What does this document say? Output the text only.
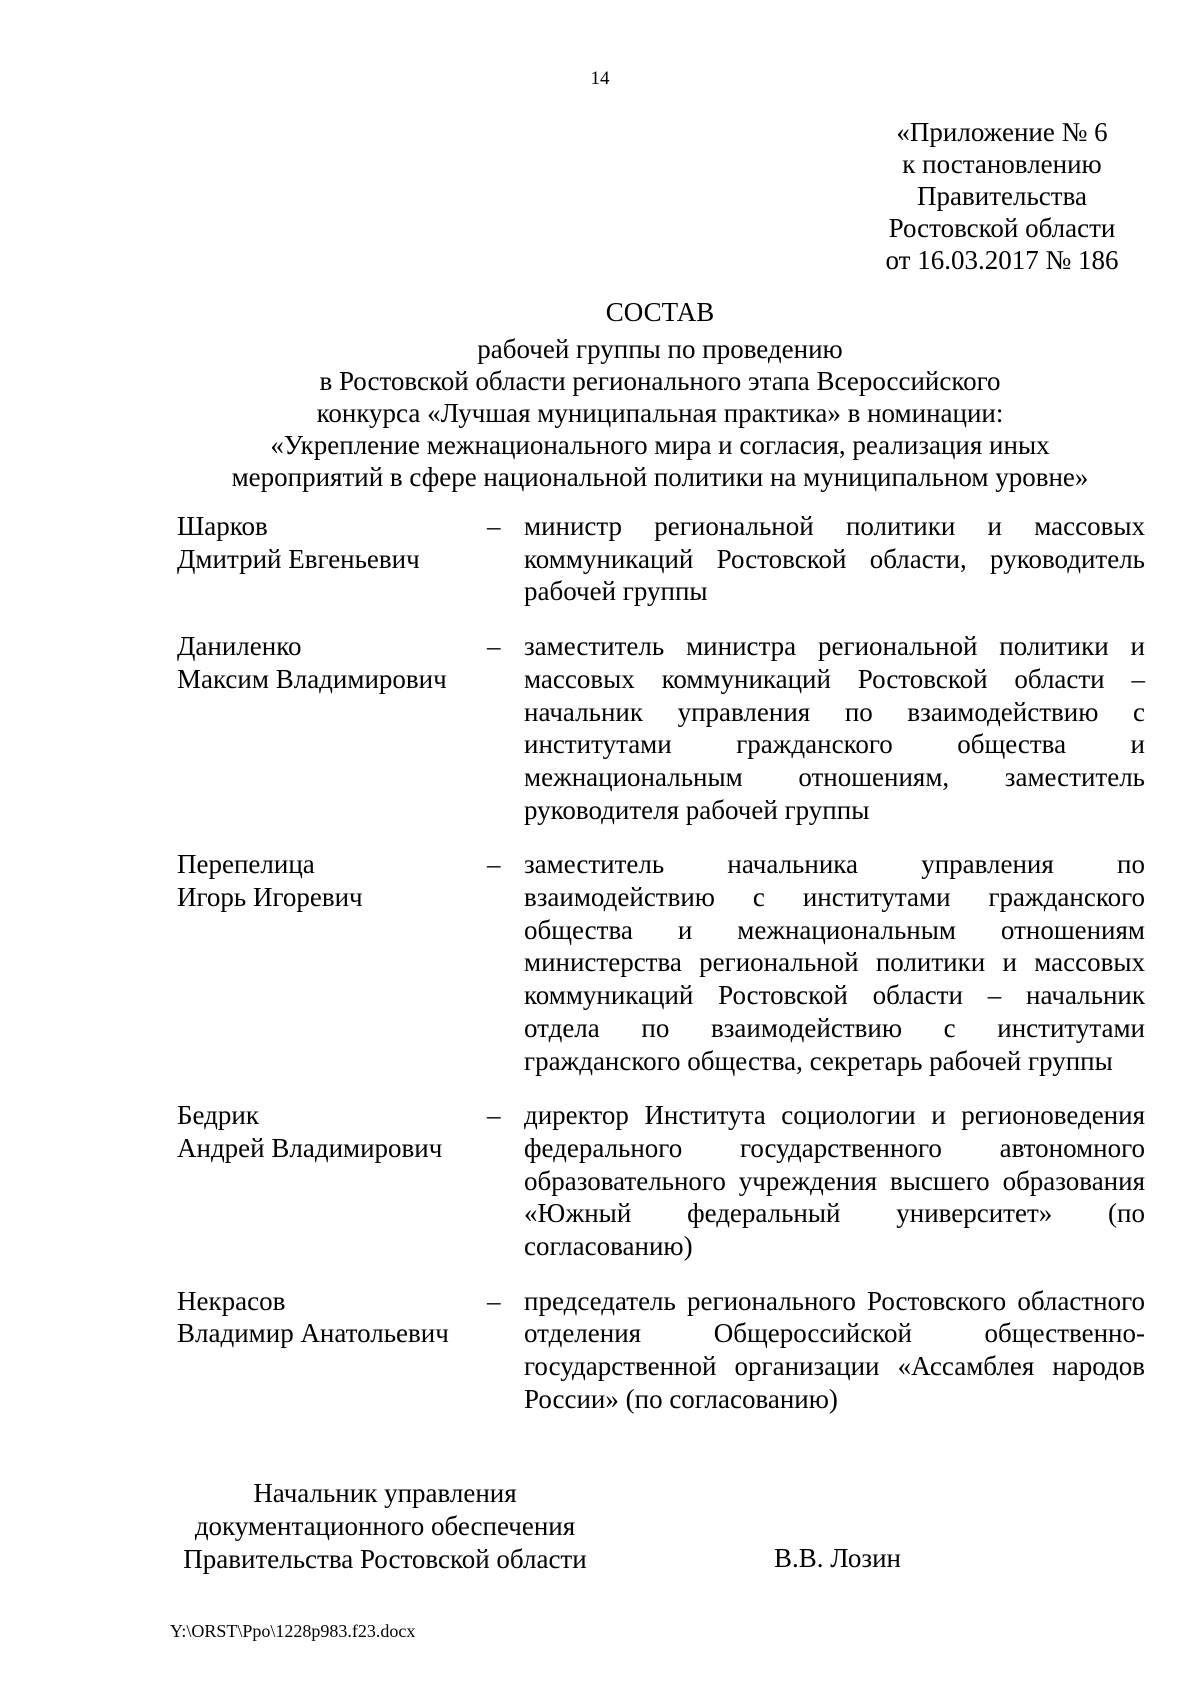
14
«Приложение № 6
к постановлению
Правительства
Ростовской области
от 16.03.2017 № 186
СОСТАВ
рабочей группы по проведению
в Ростовской области регионального этапа Всероссийского
конкурса «Лучшая муниципальная практика» в номинации:
«Укрепление межнационального мира и согласия, реализация иных
мероприятий в сфере национальной политики на муниципальном уровне»
Шарков
Дмитрий Евгеньевич
– министр региональной политики и массовых коммуникаций Ростовской области, руководитель рабочей группы
Даниленко
Максим Владимирович
– заместитель министра региональной политики и массовых коммуникаций Ростовской области – начальник управления по взаимодействию с институтами гражданского общества и межнациональным отношениям, заместитель руководителя рабочей группы
Перепелица
Игорь Игоревич
– заместитель начальника управления по взаимодействию с институтами гражданского общества и межнациональным отношениям министерства региональной политики и массовых коммуникаций Ростовской области – начальник отдела по взаимодействию с институтами гражданского общества, секретарь рабочей группы
Бедрик
Андрей Владимирович
– директор Института социологии и регионоведения федерального государственного автономного образовательного учреждения высшего образования «Южный федеральный университет» (по согласованию)
Некрасов
Владимир Анатольевич
– председатель регионального Ростовского областного отделения Общероссийской общественно-государственной организации «Ассамблея народов России» (по согласованию)
Начальник управления
документационного обеспечения
Правительства Ростовской области	В.В. Лозин
Y:\ORST\Ppo\1228p983.f23.docx
